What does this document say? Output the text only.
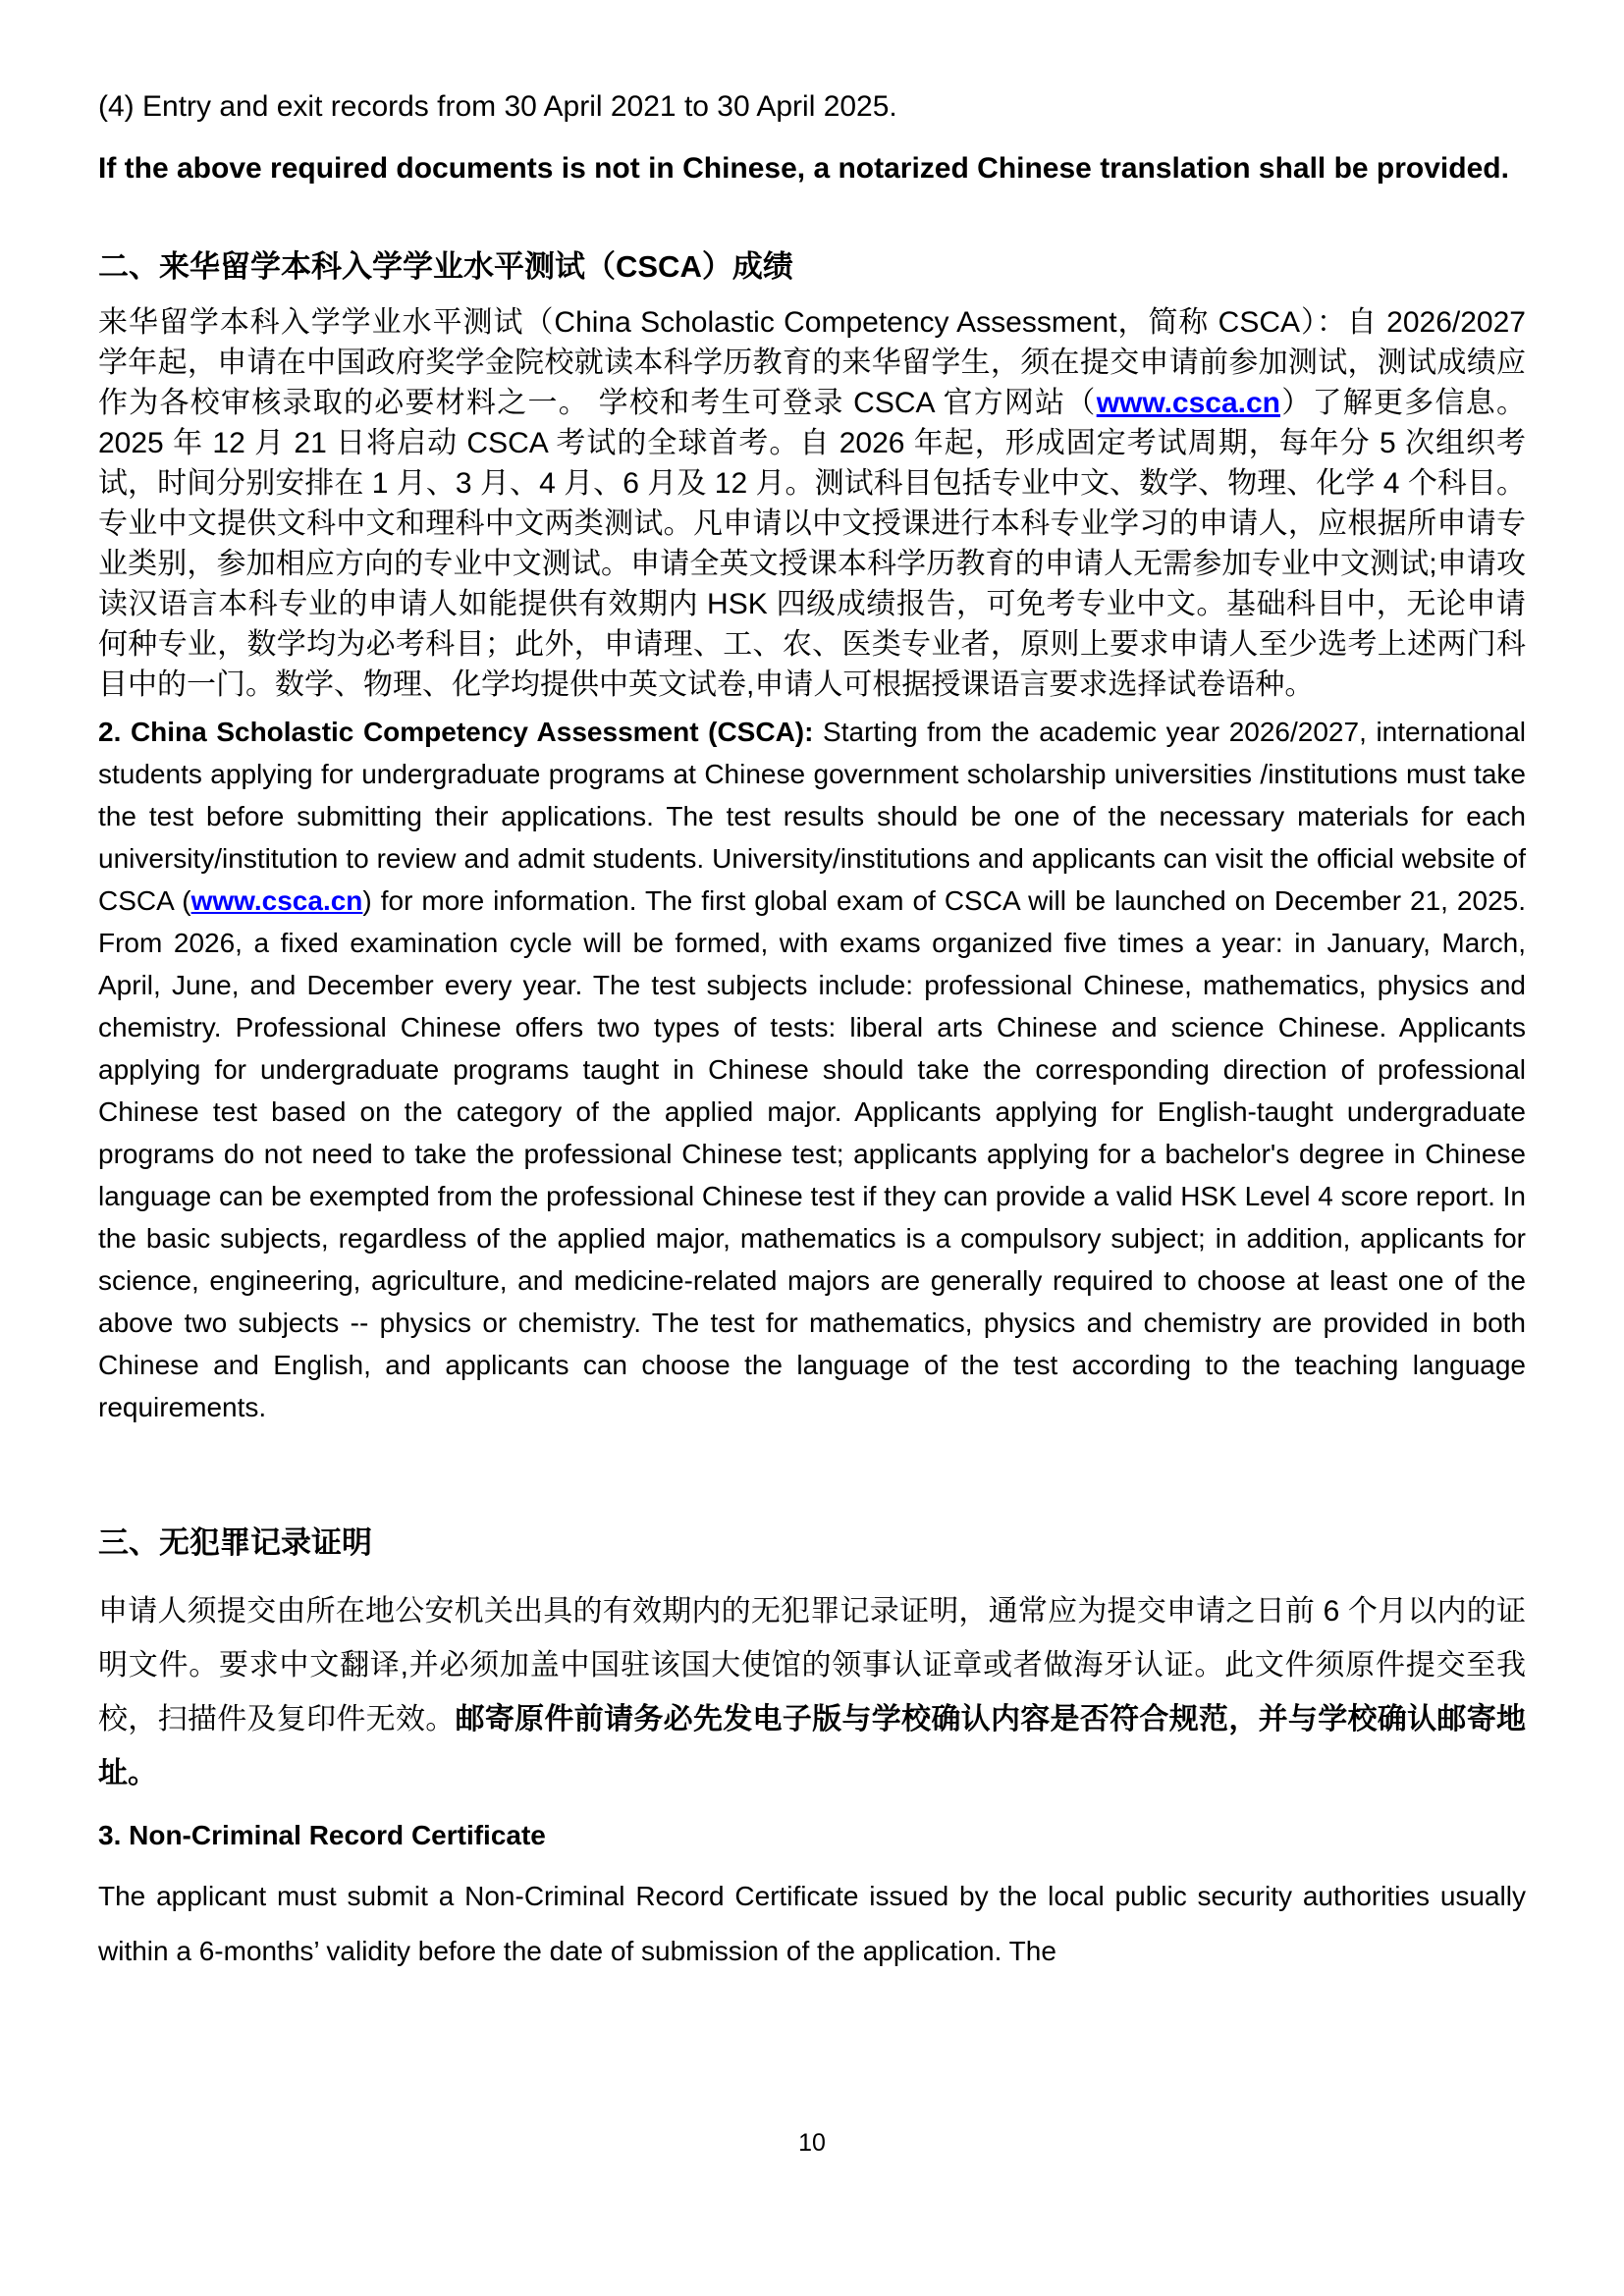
(4) Entry and exit records from 30 April 2021 to 30 April 2025.

If the above required documents is not in Chinese, a notarized Chinese translation shall be provided.

二、来华留学本科入学学业水平测试（CSCA）成绩

来华留学本科入学学业水平测试（China Scholastic Competency Assessment，简称 CSCA）：自 2026/2027 学年起，申请在中国政府奖学金院校就读本科学历教育的来华留学生，须在提交申请前参加测试，测试成绩应作为各校审核录取的必要材料之一。 学校和考生可登录 CSCA 官方网站（www.csca.cn）了解更多信息。2025 年 12 月 21 日将启动 CSCA 考试的全球首考。自 2026 年起，形成固定考试周期，每年分 5 次组织考试，时间分别安排在 1 月、3 月、4 月、6 月及 12 月。测试科目包括专业中文、数学、物理、化学 4 个科目。专业中文提供文科中文和理科中文两类测试。凡申请以中文授课进行本科专业学习的申请人，应根据所申请专业类别，参加相应方向的专业中文测试。申请全英文授课本科学历教育的申请人无需参加专业中文测试;申请攻读汉语言本科专业的申请人如能提供有效期内 HSK 四级成绩报告，可免考专业中文。基础科目中，无论申请何种专业，数学均为必考科目；此外，申请理、工、农、医类专业者，原则上要求申请人至少选考上述两门科目中的一门。数学、物理、化学均提供中英文试卷,申请人可根据授课语言要求选择试卷语种。

2. China Scholastic Competency Assessment (CSCA): Starting from the academic year 2026/2027, international students applying for undergraduate programs at Chinese government scholarship universities /institutions must take the test before submitting their applications. The test results should be one of the necessary materials for each university/institution to review and admit students. University/institutions and applicants can visit the official website of CSCA (www.csca.cn) for more information. The first global exam of CSCA will be launched on December 21, 2025. From 2026, a fixed examination cycle will be formed, with exams organized five times a year: in January, March, April, June, and December every year. The test subjects include: professional Chinese, mathematics, physics and chemistry. Professional Chinese offers two types of tests: liberal arts Chinese and science Chinese. Applicants applying for undergraduate programs taught in Chinese should take the corresponding direction of professional Chinese test based on the category of the applied major. Applicants applying for English-taught undergraduate programs do not need to take the professional Chinese test; applicants applying for a bachelor's degree in Chinese language can be exempted from the professional Chinese test if they can provide a valid HSK Level 4 score report. In the basic subjects, regardless of the applied major, mathematics is a compulsory subject; in addition, applicants for science, engineering, agriculture, and medicine-related majors are generally required to choose at least one of the above two subjects -- physics or chemistry. The test for mathematics, physics and chemistry are provided in both Chinese and English, and applicants can choose the language of the test according to the teaching language requirements.

三、无犯罪记录证明

申请人须提交由所在地公安机关出具的有效期内的无犯罪记录证明，通常应为提交申请之日前 6 个月以内的证明文件。要求中文翻译,并必须加盖中国驻该国大使馆的领事认证章或者做海牙认证。此文件须原件提交至我校，扫描件及复印件无效。邮寄原件前请务必先发电子版与学校确认内容是否符合规范，并与学校确认邮寄地址。

3. Non-Criminal Record Certificate

The applicant must submit a Non-Criminal Record Certificate issued by the local public security authorities usually within a 6-months’ validity before the date of submission of the application. The

10
